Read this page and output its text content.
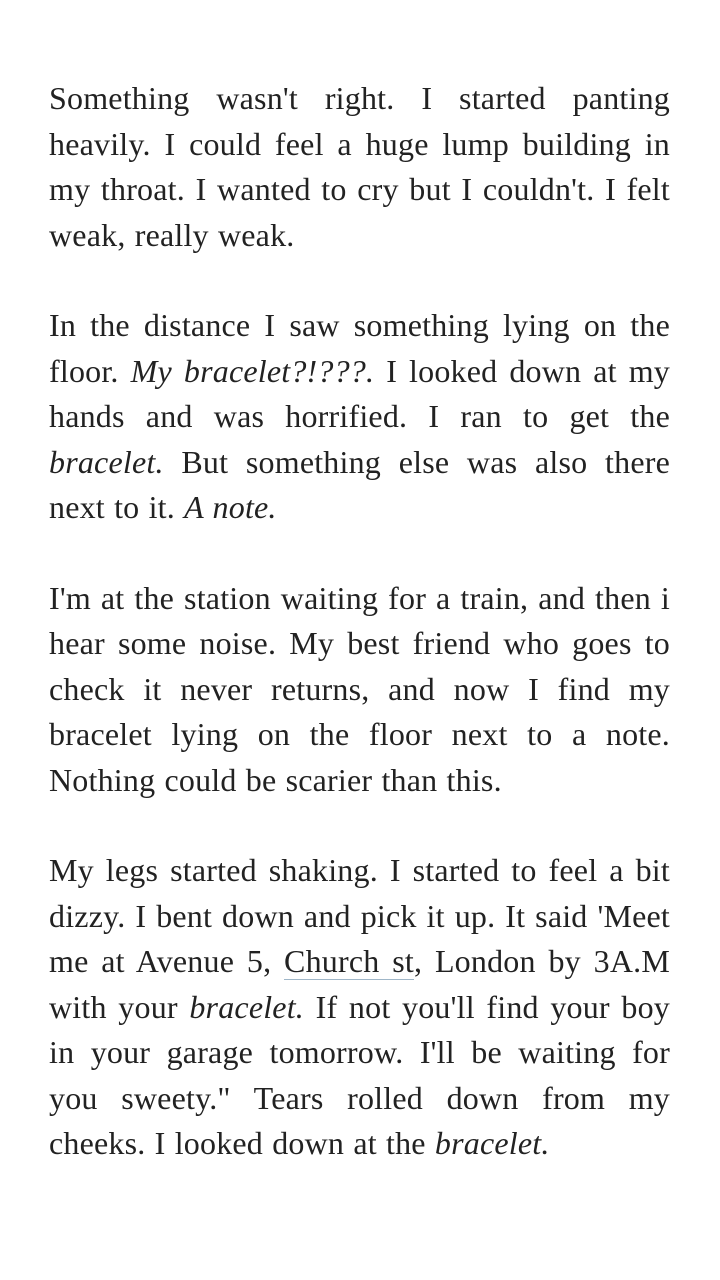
Something wasn't right. I started panting heavily. I could feel a huge lump building in my throat. I wanted to cry but I couldn't. I felt weak, really weak.

In the distance I saw something lying on the floor. My bracelet?!???. I looked down at my hands and was horrified. I ran to get the bracelet. But something else was also there next to it. A note.

I'm at the station waiting for a train, and then i hear some noise. My best friend who goes to check it never returns, and now I find my bracelet lying on the floor next to a note. Nothing could be scarier than this.

My legs started shaking. I started to feel a bit dizzy. I bent down and pick it up. It said 'Meet me at Avenue 5, Church st, London by 3A.M with your bracelet. If not you'll find your boy in your garage tomorrow. I'll be waiting for you sweety." Tears rolled down from my cheeks. I looked down at the bracelet.
